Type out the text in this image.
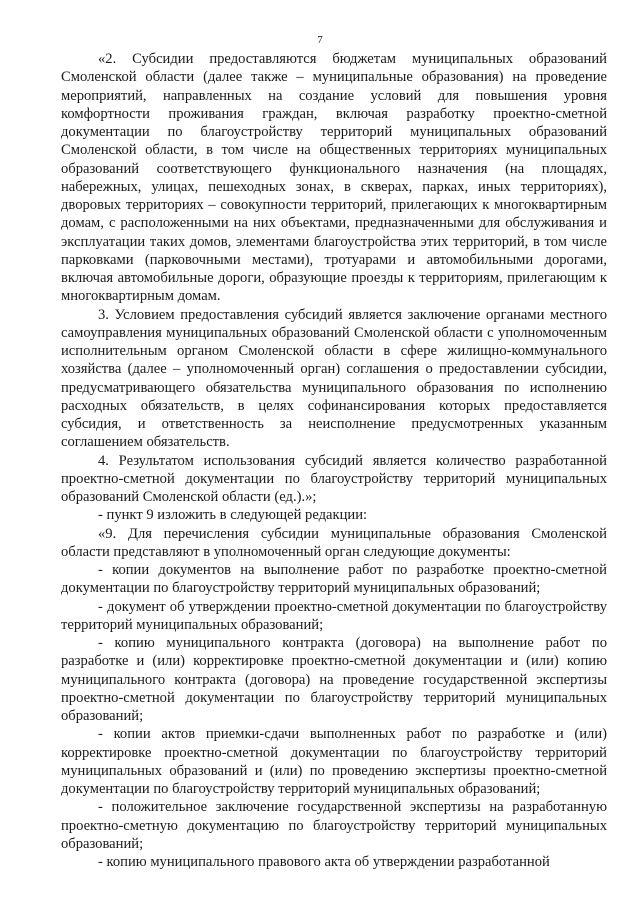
7

«2. Субсидии предоставляются бюджетам муниципальных образований Смоленской области (далее также – муниципальные образования) на проведение мероприятий, направленных на создание условий для повышения уровня комфортности проживания граждан, включая разработку проектно-сметной документации по благоустройству территорий муниципальных образований Смоленской области, в том числе на общественных территориях муниципальных образований соответствующего функционального назначения (на площадях, набережных, улицах, пешеходных зонах, в скверах, парках, иных территориях), дворовых территориях – совокупности территорий, прилегающих к многоквартирным домам, с расположенными на них объектами, предназначенными для обслуживания и эксплуатации таких домов, элементами благоустройства этих территорий, в том числе парковками (парковочными местами), тротуарами и автомобильными дорогами, включая автомобильные дороги, образующие проезды к территориям, прилегающим к многоквартирным домам.

3. Условием предоставления субсидий является заключение органами местного самоуправления муниципальных образований Смоленской области с уполномоченным исполнительным органом Смоленской области в сфере жилищно-коммунального хозяйства (далее – уполномоченный орган) соглашения о предоставлении субсидии, предусматривающего обязательства муниципального образования по исполнению расходных обязательств, в целях софинансирования которых предоставляется субсидия, и ответственность за неисполнение предусмотренных указанным соглашением обязательств.

4. Результатом использования субсидий является количество разработанной проектно-сметной документации по благоустройству территорий муниципальных образований Смоленской области (ед.).»;

- пункт 9 изложить в следующей редакции:

«9. Для перечисления субсидии муниципальные образования Смоленской области представляют в уполномоченный орган следующие документы:

- копии документов на выполнение работ по разработке проектно-сметной документации по благоустройству территорий муниципальных образований;

- документ об утверждении проектно-сметной документации по благоустройству территорий муниципальных образований;

- копию муниципального контракта (договора) на выполнение работ по разработке и (или) корректировке проектно-сметной документации и (или) копию муниципального контракта (договора) на проведение государственной экспертизы проектно-сметной документации по благоустройству территорий муниципальных образований;

- копии актов приемки-сдачи выполненных работ по разработке и (или) корректировке проектно-сметной документации по благоустройству территорий муниципальных образований и (или) по проведению экспертизы проектно-сметной документации по благоустройству территорий муниципальных образований;

- положительное заключение государственной экспертизы на разработанную проектно-сметную документацию по благоустройству территорий муниципальных образований;

- копию муниципального правового акта об утверждении разработанной
